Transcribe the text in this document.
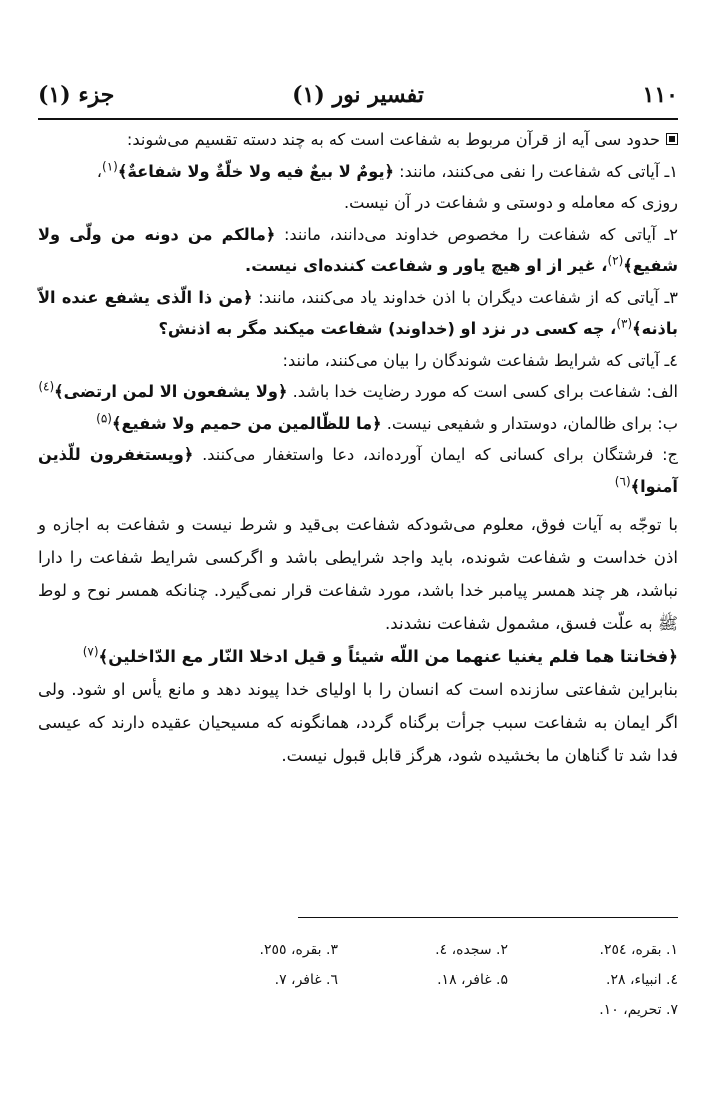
۱۱۰
تفسیر نور (۱)
جزء (۱)

حدود سی آیه از قرآن مربوط به شفاعت است که به چند دسته تقسیم می‌شوند:

۱ـ آیاتی که شفاعت را نفی می‌کنند، مانند: ﴿یومٌ لا بیعٌ فیه ولا خلّةٌ ولا شفاعةٌ﴾$^{(۱)}$،
روزی که معامله و دوستی و شفاعت در آن نیست.

۲ـ آیاتی که شفاعت را مخصوص خداوند می‌دانند، مانند: ﴿مالکم من دونه من ولّی ولا شفیع﴾$^{(۲)}$، غیر از او هیچ یاور و شفاعت کننده‌ای نیست.

۳ـ آیاتی که از شفاعت دیگران با اذن خداوند یاد می‌کنند، مانند: ﴿من ذا الّذی یشفع عنده الاّ باذنه﴾$^{(۳)}$، چه کسی در نزد او (خداوند) شفاعت میکند مگر به اذنش؟

٤ـ آیاتی که شرایط شفاعت شوندگان را بیان می‌کنند، مانند:

الف: شفاعت برای کسی است که مورد رضایت خدا باشد. ﴿ولا یشفعون الا لمن ارتضی﴾$^{(٤)}$

ب: برای ظالمان، دوستدار و شفیعی نیست. ﴿ما للظّالمین من حمیم ولا شفیع﴾$^{(۵)}$

ج: فرشتگان برای کسانی که ایمان آورده‌اند، دعا واستغفار می‌کنند. ﴿ویستغفرون للّذین آمنوا﴾$^{(٦)}$

با توجّه به آیات فوق، معلوم می‌شودکه شفاعت بی‌قید و شرط نیست و شفاعت به اجازه و اذن خداست و شفاعت شونده، باید واجد شرایطی باشد و اگرکسی شرایط شفاعت را دارا نباشد، هر چند همسر پیامبر خدا باشد، مورد شفاعت قرار نمی‌گیرد. چنانکه همسر نوح و لوط ﷺ به علّت فسق، مشمول شفاعت نشدند.

﴿فخانتا هما فلم یغنیا عنهما من اللّه شیئاً و قیل ادخلا النّار مع الدّاخلین﴾$^{(۷)}$

بنابراین شفاعتی سازنده است که انسان را با اولیای خدا پیوند دهد و مانع یأس او شود. ولی اگر ایمان به شفاعت سبب جرأت برگناه گردد، همانگونه که مسیحیان عقیده دارند که عیسی فدا شد تا گناهان ما بخشیده شود، هرگز قابل قبول نیست.

۱. بقره، ۲٥٤.
۲. سجده، ٤.
۳. بقره، ۲٥٥.
٤. انبیاء، ۲۸.
۵. غافر، ۱۸.
٦. غافر، ۷.
۷. تحریم، ۱۰.
